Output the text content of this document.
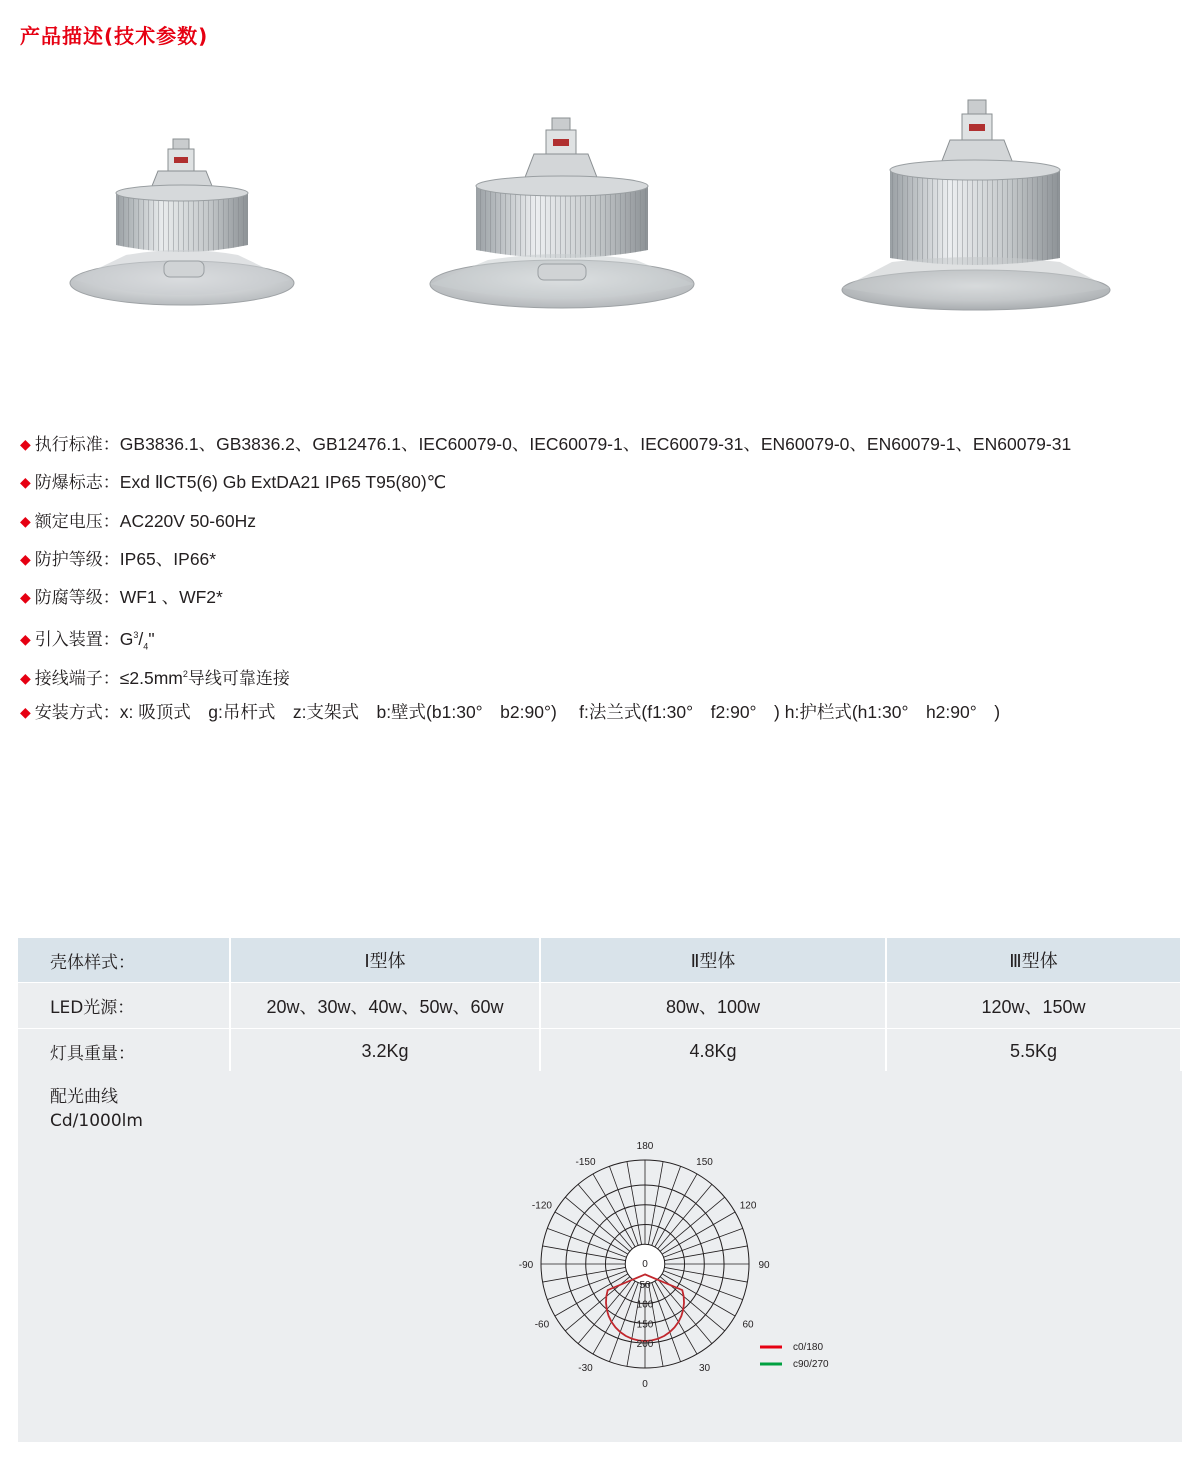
产品描述(技术参数)
◆ 执行标准：GB3836.1、GB3836.2、GB12476.1、IEC60079-0、IEC60079-1、IEC60079-31、EN60079-0、EN60079-1、EN60079-31
◆ 防爆标志：Exd ⅡCT5(6) Gb ExtDA21 IP65 T95(80)℃
◆ 额定电压：AC220V 50-60Hz
◆ 防护等级：IP65、IP66*
◆ 防腐等级：WF1 、WF2*
◆ 引入装置：$G^3/_4$"
◆ 接线端子：$\le 2.5mm^2$导线可靠连接
◆ 安装方式：x: 吸顶式　g:吊杆式　z:支架式　b:壁式(b1:30°　b2:90°)　 f:法兰式(f1:30°　f2:90°　) h:护栏式(h1:30°　h2:90°　)
壳体样式：	Ⅰ型体	Ⅱ型体	Ⅲ型体
LED光源：	20w、30w、40w、50w、60w	80w、100w	120w、150w
灯具重量：	3.2Kg	4.8Kg	5.5Kg
配光曲线
Cd/1000lm
180
150
120
90
60
30
0
-30
-60
-90
-120
-150
0
50
100
150
200	c0/180
c90/270
